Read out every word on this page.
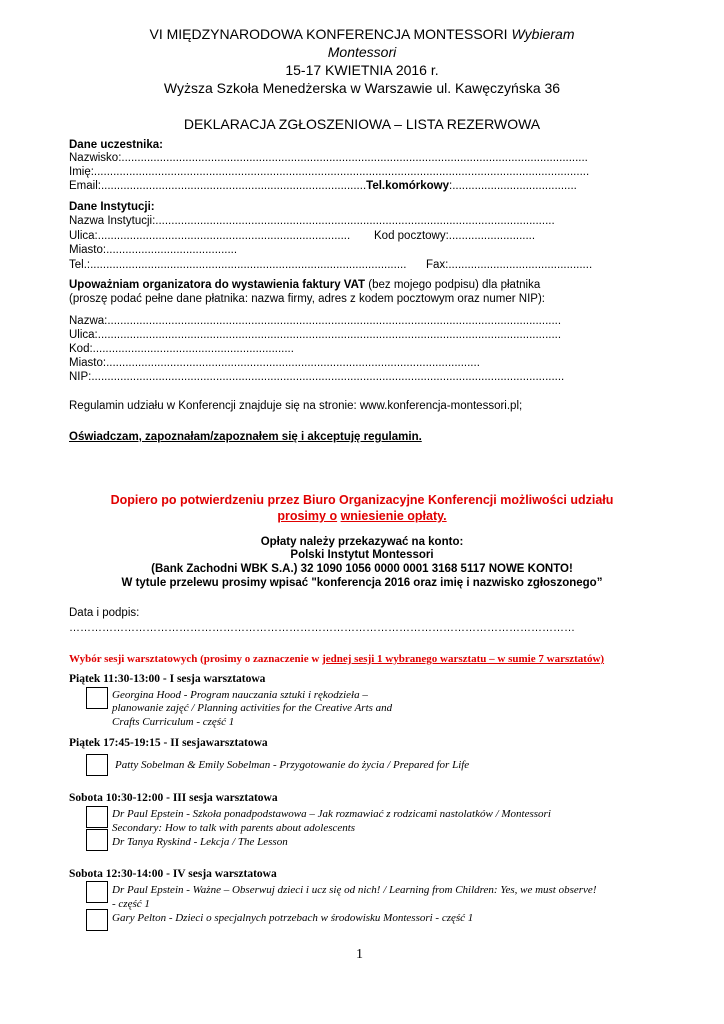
VI MIĘDZYNARODOWA KONFERENCJA MONTESSORI Wybieram
Montessori
15-17 KWIETNIA 2016 r.
Wyższa Szkoła Menedżerska w Warszawie ul. Kawęczyńska 36
DEKLARACJA ZGŁOSZENIOWA – LISTA REZERWOWA
Dane uczestnika:
Nazwisko:..................................................................................................................................................
Imię:...........................................................................................................................................................
Email:...................................................................................Tel.komórkowy:.......................................
Dane Instytucji:
Nazwa Instytucji:.............................................................................................................................
Ulica:............................................................................... Kod pocztowy:...........................
Miasto:.........................................
Tel.:................................................................................................... Fax:.............................................
Upoważniam organizatora do wystawienia faktury VAT (bez mojego podpisu) dla płatnika
(proszę podać pełne dane płatnika: nazwa firmy, adres z kodem pocztowym oraz numer NIP):
Nazwa:..............................................................................................................................................
Ulica:.................................................................................................................................................
Kod:...............................................................
Miasto:.....................................................................................................................
NIP:....................................................................................................................................................
Regulamin udziału w Konferencji znajduje się na stronie: www.konferencja-montessori.pl;
Oświadczam, zapoznałam/zapoznałem się i akceptuję regulamin.
Dopiero po potwierdzeniu przez Biuro Organizacyjne Konferencji możliwości udziału
prosimy o wniesienie opłaty.
Opłaty należy przekazywać na konto:
Polski Instytut Montessori
(Bank Zachodni WBK S.A.) 32 1090 1056 0000 0001 3168 5117 NOWE KONTO!
W tytule przelewu prosimy wpisać "konferencja 2016 oraz imię i nazwisko zgłoszonego”
Data i podpis:
…………………………………………………………………………………………………………………………
Wybór sesji warsztatowych (prosimy o zaznaczenie w jednej sesji 1 wybranego warsztatu – w sumie 7 warsztatów)
Piątek 11:30-13:00 - I sesja warsztatowa
Georgina Hood - Program nauczania sztuki i rękodzieła –
planowanie zajęć / Planning activities for the Creative Arts and
Crafts Curriculum - część 1
Piątek 17:45-19:15 - II sesjawarsztatowa
Patty Sobelman & Emily Sobelman - Przygotowanie do życia / Prepared for Life
Sobota 10:30-12:00 - III sesja warsztatowa
Dr Paul Epstein - Szkoła ponadpodstawowa – Jak rozmawiać z rodzicami nastolatków / Montessori
Secondary: How to talk with parents about adolescents
Dr Tanya Ryskind - Lekcja / The Lesson
Sobota 12:30-14:00 - IV sesja warsztatowa
Dr Paul Epstein - Ważne – Obserwuj dzieci i ucz się od nich! / Learning from Children: Yes, we must observe!
- część 1
Gary Pelton - Dzieci o specjalnych potrzebach w środowisku Montessori - część 1
1
